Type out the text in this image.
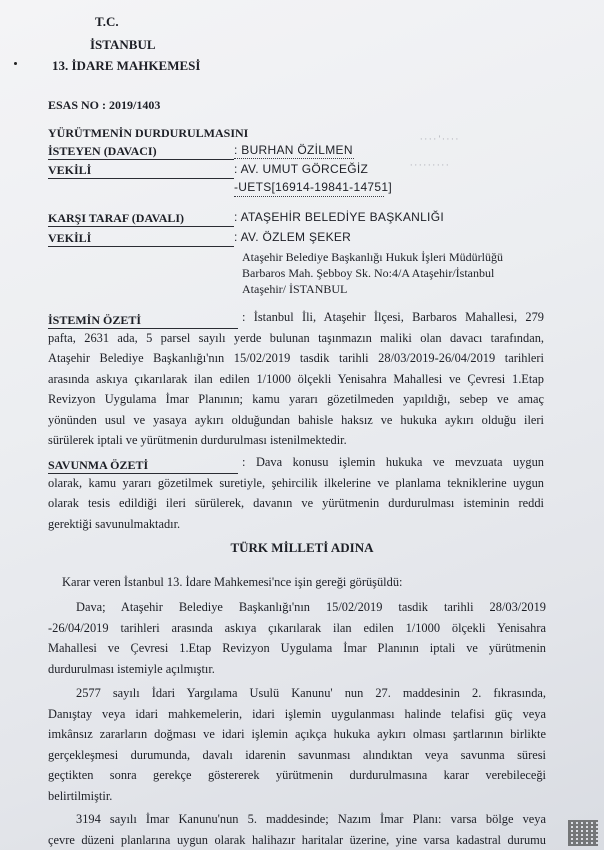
T.C.
İSTANBUL
13. İDARE MAHKEMESİ
ESAS NO : 2019/1403
YÜRÜTMENİN DURDURULMASINI
İSTEYEN (DAVACI)	: BURHAN ÖZİLMEN
VEKİLİ	: AV. UMUT GÖRCEĞİZ
-UETS[16914-19841-14751]
· · · · ' · · · ·
· · · · · · · · ·
KARŞI TARAF (DAVALI)	: ATAŞEHİR BELEDİYE BAŞKANLIĞI
VEKİLİ	: AV. ÖZLEM ŞEKER
Ataşehir Belediye Başkanlığı Hukuk İşleri Müdürlüğü
Barbaros Mah. Şebboy Sk. No:4/A Ataşehir/İstanbul
Ataşehir/ İSTANBUL
İSTEMİN ÖZETİ	: İstanbul İli, Ataşehir İlçesi, Barbaros Mahallesi, 279
pafta, 2631 ada, 5 parsel sayılı yerde bulunan taşınmazın maliki olan davacı tarafından,
Ataşehir Belediye Başkanlığı'nın 15/02/2019 tasdik tarihli 28/03/2019-26/04/2019 tarihleri
arasında askıya çıkarılarak ilan edilen 1/1000 ölçekli Yenisahra Mahallesi ve Çevresi 1.Etap
Revizyon Uygulama İmar Planının; kamu yararı gözetilmeden yapıldığı, sebep ve amaç
yönünden usul ve yasaya aykırı olduğundan bahisle haksız ve hukuka aykırı olduğu ileri
sürülerek iptali ve yürütmenin durdurulması istenilmektedir.
SAVUNMA ÖZETİ	: Dava konusu işlemin hukuka ve mevzuata uygun
olarak, kamu yararı gözetilmek suretiyle, şehircilik ilkelerine ve planlama tekniklerine uygun
olarak tesis edildiği ileri sürülerek, davanın ve yürütmenin durdurulması isteminin reddi
gerektiği savunulmaktadır.
TÜRK MİLLETİ ADINA
Karar veren İstanbul 13. İdare Mahkemesi'nce işin gereği görüşüldü:
Dava; Ataşehir Belediye Başkanlığı'nın 15/02/2019 tasdik tarihli 28/03/2019
-26/04/2019 tarihleri arasında askıya çıkarılarak ilan edilen 1/1000 ölçekli Yenisahra
Mahallesi ve Çevresi 1.Etap Revizyon Uygulama İmar Planının iptali ve yürütmenin
durdurulması istemiyle açılmıştır.
2577 sayılı İdari Yargılama Usulü Kanunu' nun 27. maddesinin 2. fıkrasında,
Danıştay veya idari mahkemelerin, idari işlemin uygulanması halinde telafisi güç veya
imkânsız zararların doğması ve idari işlemin açıkça hukuka aykırı olması şartlarının birlikte
gerçekleşmesi durumunda, davalı idarenin savunması alındıktan veya savunma süresi
geçtikten sonra gerekçe göstererek yürütmenin durdurulmasına karar verebileceği
belirtilmiştir.
3194 sayılı İmar Kanunu'nun 5. maddesinde; Nazım İmar Planı: varsa bölge veya
çevre düzeni planlarına uygun olarak halihazır haritalar üzerine, yine varsa kadastral durumu
